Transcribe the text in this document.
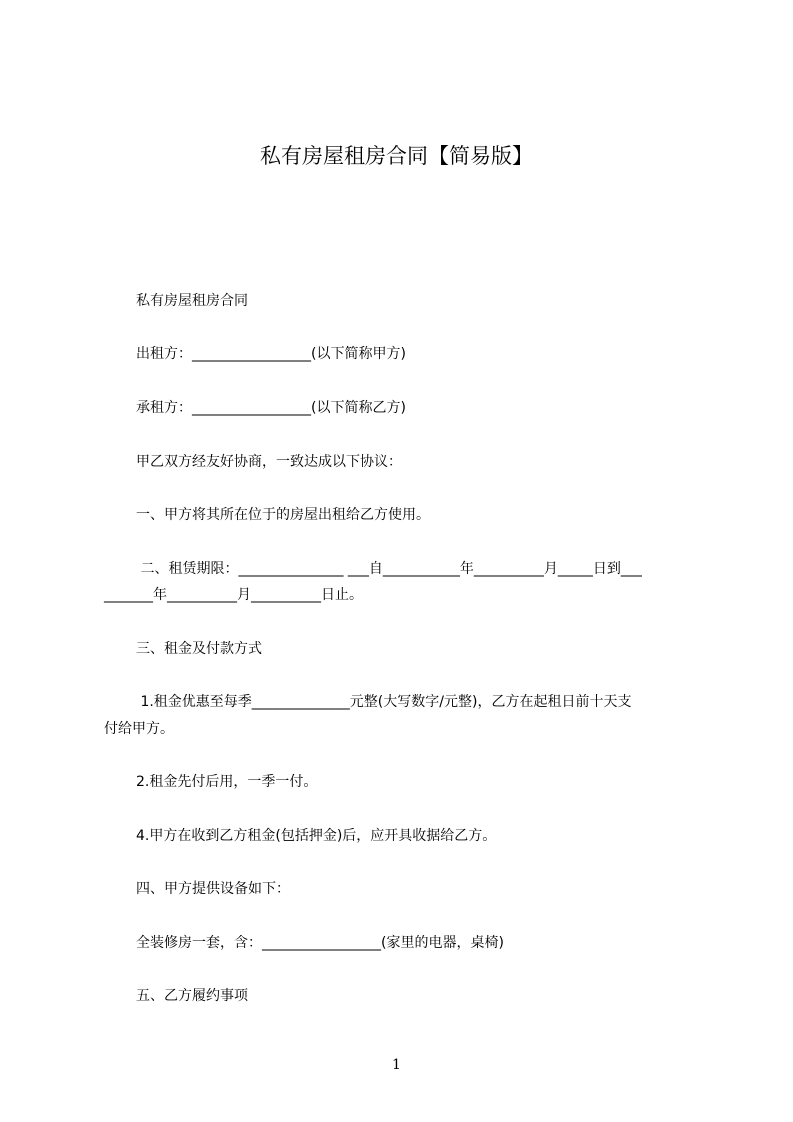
私有房屋租房合同【简易版】
私有房屋租房合同
出租方：_________________(以下简称甲方)
承租方：_________________(以下简称乙方)
甲乙双方经友好协商，一致达成以下协议：
一、甲方将其所在位于的房屋出租给乙方使用。
二、租赁期限：_______________ ___自___________年__________月_____日到___
_______年__________月__________日止。
三、租金及付款方式
1.租金优惠至每季______________元整(大写数字/元整)，乙方在起租日前十天支
付给甲方。
2.租金先付后用，一季一付。
4.甲方在收到乙方租金(包括押金)后，应开具收据给乙方。
四、甲方提供设备如下：
全装修房一套，含：_________________(家里的电器，桌椅)
五、乙方履约事项
1
